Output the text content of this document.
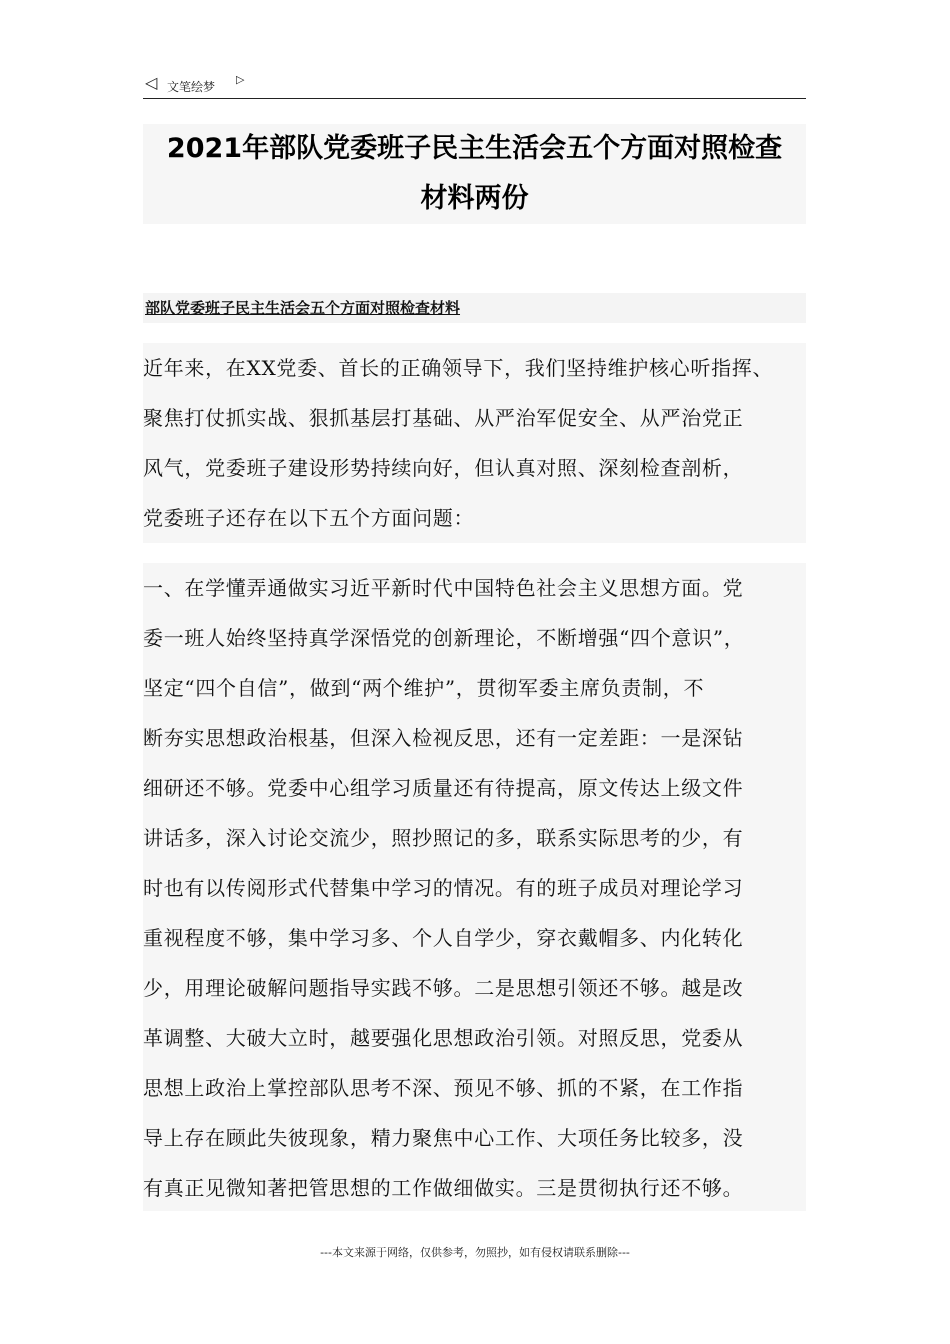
◁ 文笔绘梦
▷
2021年部队党委班子民主生活会五个方面对照检查
材料两份
部队党委班子民主生活会五个方面对照检查材料
近年来，在XX党委、首长的正确领导下，我们坚持维护核心听指挥、
聚焦打仗抓实战、狠抓基层打基础、从严治军促安全、从严治党正
风气，党委班子建设形势持续向好，但认真对照、深刻检查剖析，
党委班子还存在以下五个方面问题：
一、在学懂弄通做实习近平新时代中国特色社会主义思想方面。党
委一班人始终坚持真学深悟党的创新理论，不断增强“四个意识”，
坚定“四个自信”，做到“两个维护”，贯彻军委主席负责制，不
断夯实思想政治根基，但深入检视反思，还有一定差距：一是深钻
细研还不够。党委中心组学习质量还有待提高，原文传达上级文件
讲话多，深入讨论交流少，照抄照记的多，联系实际思考的少，有
时也有以传阅形式代替集中学习的情况。有的班子成员对理论学习
重视程度不够，集中学习多、个人自学少，穿衣戴帽多、内化转化
少，用理论破解问题指导实践不够。二是思想引领还不够。越是改
革调整、大破大立时，越要强化思想政治引领。对照反思，党委从
思想上政治上掌控部队思考不深、预见不够、抓的不紧，在工作指
导上存在顾此失彼现象，精力聚焦中心工作、大项任务比较多，没
有真正见微知著把管思想的工作做细做实。三是贯彻执行还不够。
---本文来源于网络，仅供参考，勿照抄，如有侵权请联系删除---
